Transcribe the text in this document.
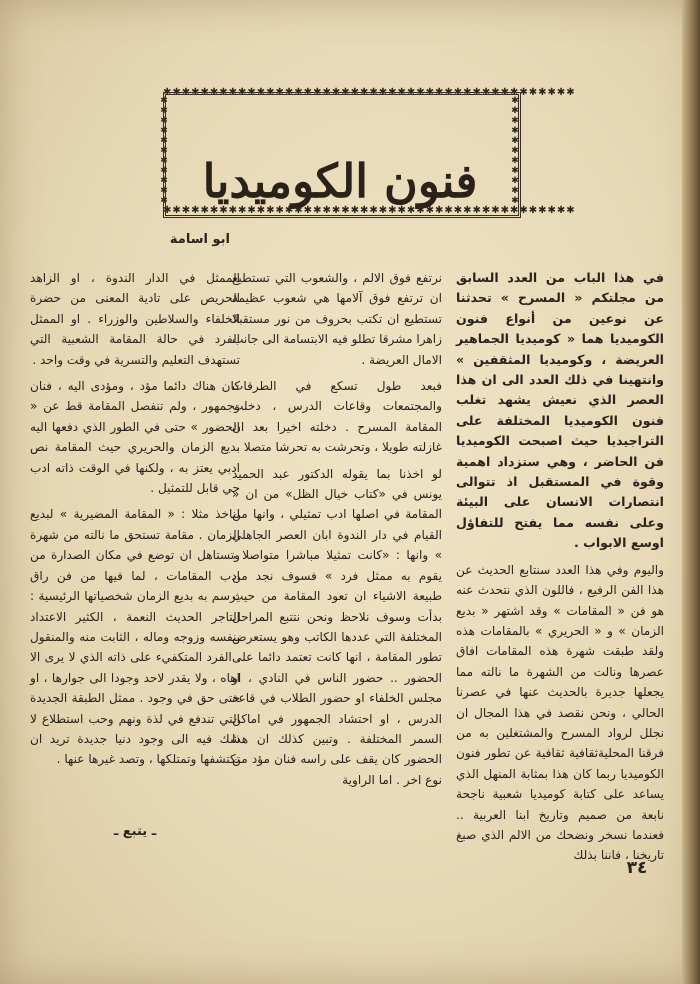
✱✱✱✱✱✱✱✱✱✱✱✱✱✱✱✱✱✱✱✱✱✱✱✱✱✱✱✱✱✱✱✱✱✱✱✱✱✱✱✱✱✱✱✱
✱✱✱✱✱✱✱✱✱✱✱✱✱✱✱✱✱✱✱✱✱✱✱✱✱✱✱✱✱✱✱✱✱✱✱✱✱✱✱✱✱✱✱✱
✱
✱
✱
✱
✱
✱
✱
✱
✱
✱
✱
✱
✱
✱
✱
✱
✱
✱
✱
✱
✱
✱
فنون الكوميديا
ابو اسامة

في هذا الباب من العدد السابق من مجلتكم « المسرح » تحدثنا عن نوعين من أنواع فنون الكوميديا هما « كوميديا الجماهير العريضة ، وكوميديا المثقفين » وانتهينا في ذلك العدد الى ان هذا العصر الذي نعيش يشهد تغلب فنون الكوميديا المختلفة على التراجيديا حيث اصبحت الكوميديا فن الحاضر ، وهي ستزداد اهمية وقوة في المستقبل اذ تتوالى انتصارات الانسان على البيئة وعلى نفسه مما يفتح للتفاؤل اوسع الابواب .

واليوم وفي هذا العدد سنتابع الحديث عن هذا الفن الرفيع ، فاللون الذي نتحدث عنه هو فن « المقامات » وقد اشتهر « بديع الزمان » و « الحريري » بالمقامات هذه ولقد طبقت شهرة هذه المقامات افاق عصرها ونالت من الشهرة ما نالته مما يجعلها جديرة بالحديث عنها في عصرنا الحالي ، ونحن نقصد في هذا المجال ان نجلل لرواد المسرح والمشتغلين به من فرقنا المحليةثقافية ثقافية عن تطور فنون الكوميديا ربما كان هذا بمثابة المنهل الذي يساعد على كتابة كوميديا شعبية ناجحة نابعة من صميم وتاريخ ابنا العربية .. فعندما نسخر ونضحك من الالم الذي صبغ تاريخنا ، فاننا بذلك

نرتفع فوق الالم ، والشعوب التي تستطيع ان ترتفع فوق آلامها هي شعوب عظيمة تستطيع ان تكتب بحروف من نور مستقبلا زاهرا مشرقا تطلو فيه الابتسامة الى جانب الامال العريضة .

فبعد طول تسكع في الطرقات والمجتمعات وقاعات الدرس ، دخلت المقامة المسرح . دخلته اخيرا بعد ان غازلته طويلا ، وتحرشت به تحرشا متصلا .

لو اخذنا بما يقوله الدكتور عبد الحميد يونس في «كتاب خيال الظل» من ان « المقامة في اصلها ادب تمثيلي ، وانها من القيام في دار الندوة ابان العصر الجاهلي » وانها : «كانت تمثيلا مباشرا متواصلا ، يقوم به ممثل فرد » فسوف نجد من طبيعة الاشياء ان تعود المقامة من حيث بدأت وسوف نلاحظ ونحن نتتبع المراحل المختلفة التي عددها الكاتب وهو يستعرض تطور المقامة ، انها كانت تعتمد دائما على الحضور .. حضور الناس في النادي ، او مجلس الخلفاء او حضور الطلاب في قاعة الدرس ، او احتشاد الجمهور في اماكن السمر المختلفة . وتبين كذلك ان هذا الحضور كان يقف على راسه فنان مؤد من نوع اخر . اما الراوية

الممثل في الدار الندوة ، او الزاهد الحريص على تادية المعنى من حضرة الخلفاء والسلاطين والوزراء . او الممثل الفرد في حالة المقامة الشعبية التي تستهدف التعليم والتسرية في وقت واحد .

كان هناك دائما مؤد ، ومؤدى اليه ، فنان وجمهور ، ولم تنفصل المقامة قط عن « الحضور » حتى في الطور الذي دفعها اليه بديع الزمان والحريري حيث المقامة نص ادبي يعتز به ، ولكنها في الوقت ذاته ادب حي قابل للتمثيل .

لناخذ مثلا : « المقامة المضيرية » لبديع الزمان . مقامة تستحق ما نالته من شهرة وتستاهل ان توضع في مكان الصدارة من ادب المقامات ، لما فيها من فن راق يرسم به بديع الزمان شخصياتها الرئيسية : التاجر الحديث النعمة ، الكثير الاعتداد بنفسه وزوجه وماله ، الثابت منه والمنقول . الفرد المتكفيء على ذاته الذي لا يرى الا اهاه ، ولا يقدر لاحد وجودا الى جوارها ، او حتى حق في وجود . ممثل الطبقة الجديدة التي تندفع في لذة ونهم وحب استطلاع لا شك فيه الى وجود دنيا جديدة تريد ان تكتشفها وتمتلكها ، وتصد غيرها عنها .

ـ يتبع ـ
٣٤
